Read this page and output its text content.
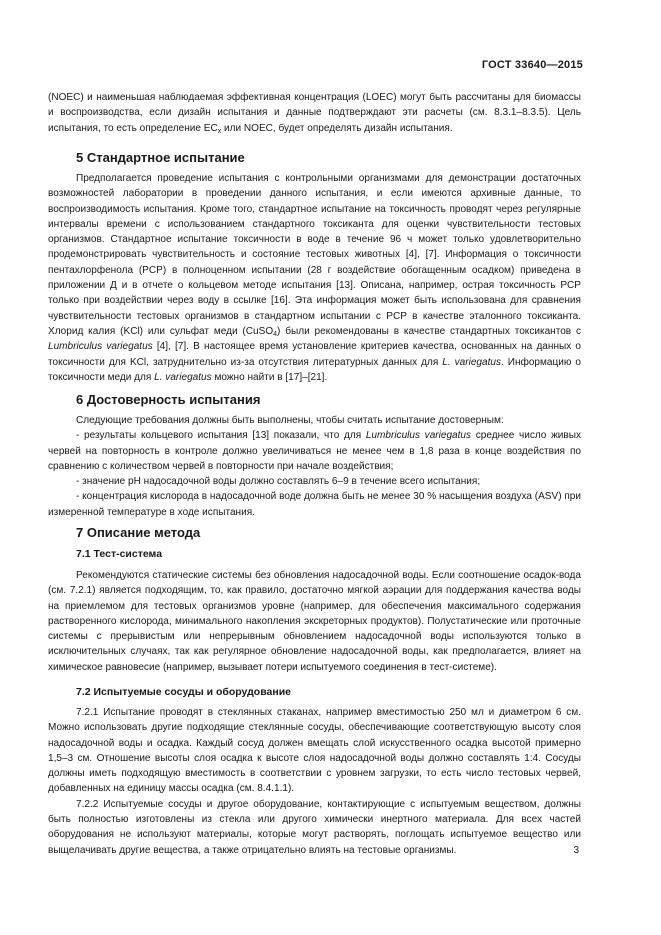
ГОСТ 33640—2015

(NOEC) и наименьшая наблюдаемая эффективная концентрация (LOEC) могут быть рассчитаны для биомассы и воспроизводства, если дизайн испытания и данные подтверждают эти расчеты (см. 8.3.1–8.3.5). Цель испытания, то есть определение $EC_x$ или NOEC, будет определять дизайн испытания.

5 Стандартное испытание

Предполагается проведение испытания с контрольными организмами для демонстрации достаточных возможностей лаборатории в проведении данного испытания, и если имеются архивные данные, то воспроизводимость испытания. Кроме того, стандартное испытание на токсичность проводят через регулярные интервалы времени с использованием стандартного токсиканта для оценки чувствительности тестовых организмов. Стандартное испытание токсичности в воде в течение 96 ч может только удовлетворительно продемонстрировать чувствительность и состояние тестовых животных [4], [7]. Информация о токсичности пентахлорфенола (PCP) в полноценном испытании (28 г воздействие обогащенным осадком) приведена в приложении Д и в отчете о кольцевом методе испытания [13]. Описана, например, острая токсичность PCP только при воздействии через воду в ссылке [16]. Эта информация может быть использована для сравнения чувствительности тестовых организмов в стандартном испытании с PCP в качестве эталонного токсиканта. Хлорид калия (KCl) или сульфат меди (CuSO$_4$) были рекомендованы в качестве стандартных токсикантов с Lumbriculus variegatus [4], [7]. В настоящее время установление критериев качества, основанных на данных о токсичности для KCl, затруднительно из-за отсутствия литературных данных для L. variegatus. Информацию о токсичности меди для L. variegatus можно найти в [17]–[21].

6 Достоверность испытания

Следующие требования должны быть выполнены, чтобы считать испытание достоверным:

- результаты кольцевого испытания [13] показали, что для Lumbriculus variegatus среднее число живых червей на повторность в контроле должно увеличиваться не менее чем в 1,8 раза в конце воздействия по сравнению с количеством червей в повторности при начале воздействия;

- значение pH надосадочной воды должно составлять 6–9 в течение всего испытания;

- концентрация кислорода в надосадочной воде должна быть не менее 30 % насыщения воздуха (ASV) при измеренной температуре в ходе испытания.

7 Описание метода
7.1 Тест-система

Рекомендуются статические системы без обновления надосадочной воды. Если соотношение осадок-вода (см. 7.2.1) является подходящим, то, как правило, достаточно мягкой аэрации для поддержания качества воды на приемлемом для тестовых организмов уровне (например, для обеспечения максимального содержания растворенного кислорода, минимального накопления экскреторных продуктов). Полустатические или проточные системы с прерывистым или непрерывным обновлением надосадочной воды используются только в исключительных случаях, так как регулярное обновление надосадочной воды, как предполагается, влияет на химическое равновесие (например, вызывает потери испытуемого соединения в тест-системе).

7.2 Испытуемые сосуды и оборудование

7.2.1 Испытание проводят в стеклянных стаканах, например вместимостью 250 мл и диаметром 6 см. Можно использовать другие подходящие стеклянные сосуды, обеспечивающие соответствующую высоту слоя надосадочной воды и осадка. Каждый сосуд должен вмещать слой искусственного осадка высотой примерно 1,5–3 см. Отношение высоты слоя осадка к высоте слоя надосадочной воды должно составлять 1:4. Сосуды должны иметь подходящую вместимость в соответствии с уровнем загрузки, то есть число тестовых червей, добавленных на единицу массы осадка (см. 8.4.1.1).

7.2.2 Испытуемые сосуды и другое оборудование, контактирующие с испытуемым веществом, должны быть полностью изготовлены из стекла или другого химически инертного материала. Для всех частей оборудования не используют материалы, которые могут растворять, поглощать испытуемое вещество или выщелачивать другие вещества, а также отрицательно влиять на тестовые организмы.	3
